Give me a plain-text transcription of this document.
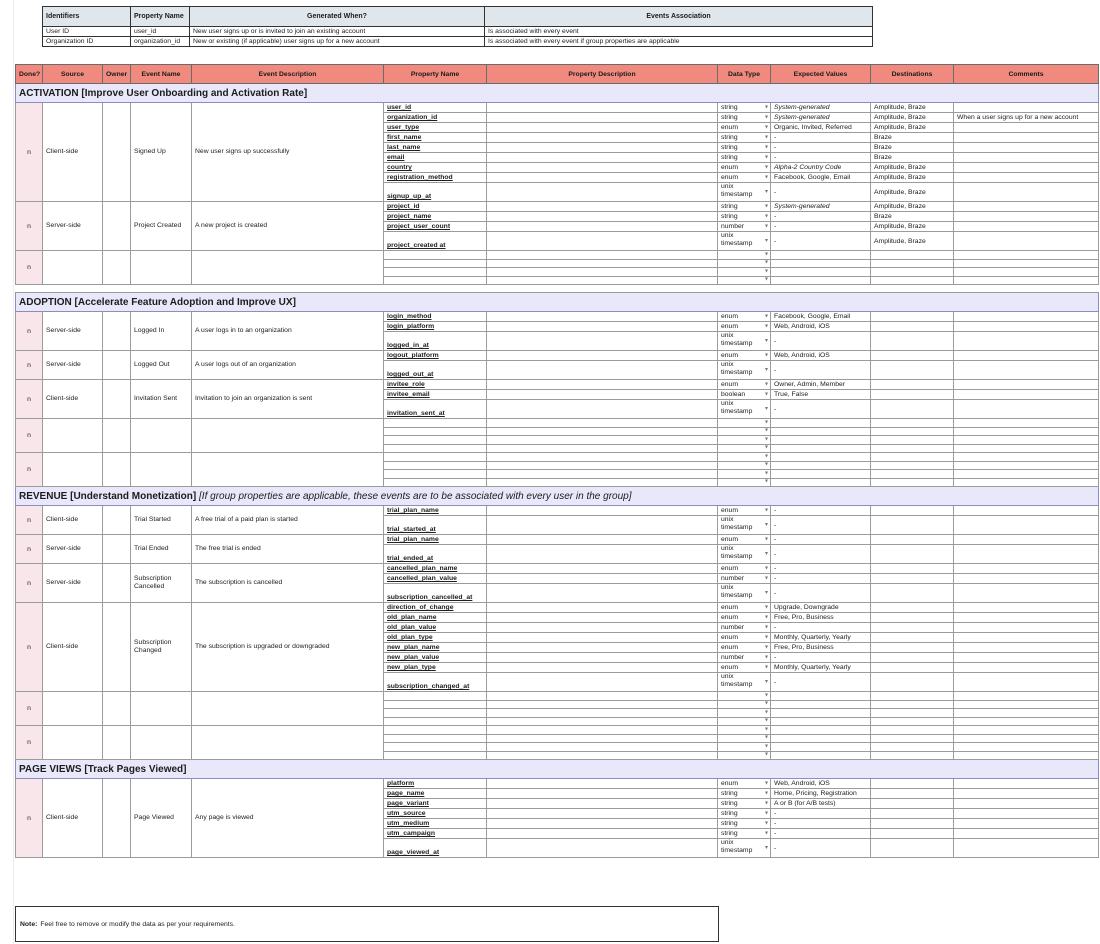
Identifiers	Property Name	Generated When?	Events Association
User ID	user_id	New user signs up or is invited to join an existing account	Is associated with every event
Organization ID	organization_id	New or existing (if applicable) user signs up for a new account	Is associated with every event if group properties are applicable
Done?	Source	Owner	Event Name	Event Description	Property Name	Property Description	Data Type	Expected Values	Destinations	Comments
ACTIVATION [Improve User Onboarding and Activation Rate]										
n	Client-side		Signed Up	New user signs up successfully	user_id		string ▾	System-generated	Amplitude, Braze	
					organization_id		string ▾	System-generated	Amplitude, Braze	When a user signs up for a new account
					user_type		enum ▾	Organic, Invited, Referred	Amplitude, Braze	
					first_name		string ▾	-	Braze	
					last_name		string ▾	-	Braze	
					email		string ▾	-	Braze	
					country		enum ▾	Alpha-2 Country Code	Amplitude, Braze	
					registration_method		enum ▾	Facebook, Google, Email	Amplitude, Braze	
					signup_up_at		unix timestamp ▾	-	Amplitude, Braze	
n	Server-side		Project Created	A new project is created	project_id		string ▾	System-generated	Amplitude, Braze	
					project_name		string ▾	-	Braze	
					project_user_count		number ▾	-	Amplitude, Braze	
					project_created at		unix timestamp ▾	-	Amplitude, Braze	
n							▾			

							▾			

							▾			

							▾			

ADOPTION [Accelerate Feature Adoption and Improve UX]										
n	Server-side		Logged In	A user logs in to an organization	login_method		enum ▾	Facebook, Google, Email		
					login_platform		enum ▾	Web, Android, iOS		
					logged_in_at		unix timestamp ▾	-		
n	Server-side		Logged Out	A user logs out of an organization	logout_platform		enum ▾	Web, Android, iOS		
					logged_out_at		unix timestamp ▾	-		
n	Client-side		Invitation Sent	Invitation to join an organization is sent	invitee_role		enum ▾	Owner, Admin, Member		
					invitee_email		boolean ▾	True, False		
					invitation_sent_at		unix timestamp ▾	-		
n							▾			

							▾			

							▾			

							▾			

n							▾			

							▾			

							▾			

							▾			

REVENUE [Understand Monetization] [If group properties are applicable, these events are to be associated with every user in the group]										
n	Client-side		Trial Started	A free trial of a paid plan is started	trial_plan_name		enum ▾	-		
					trial_started_at		unix timestamp ▾	-		
n	Server-side		Trial Ended	The free trial is ended	trial_plan_name		enum ▾	-		
					trial_ended_at		unix timestamp ▾	-		
n	Server-side		Subscription Cancelled	The subscription is cancelled	cancelled_plan_name		enum ▾	-		
					cancelled_plan_value		number ▾	-		
					subscription_cancelled_at		unix timestamp ▾	-		
n	Client-side		Subscription Changed	The subscription is upgraded or downgraded	direction_of_change		enum ▾	Upgrade, Downgrade		
					old_plan_name		enum ▾	Free, Pro, Business		
					old_plan_value		number ▾	-		
					old_plan_type		enum ▾	Monthly, Quarterly, Yearly		
					new_plan_name		enum ▾	Free, Pro, Business		
					new_plan_value		number ▾	-		
					new_plan_type		enum ▾	Monthly, Quarterly, Yearly		
					subscription_changed_at		unix timestamp ▾	-		
n							▾			

							▾			

							▾			

							▾			

n							▾			

							▾			

							▾			

							▾			

PAGE VIEWS [Track Pages Viewed]										
n	Client-side		Page Viewed	Any page is viewed	platform		enum ▾	Web, Android, iOS		
					page_name		string ▾	Home, Pricing, Registration		
					page_variant		string ▾	A or B (for A/B tests)		
					utm_source		string ▾	-		
					utm_medium		string ▾	-		
					utm_campaign		string ▾	-		
					page_viewed_at		unix timestamp ▾	-		
Note: Feel free to remove or modify the data as per your requirements.
